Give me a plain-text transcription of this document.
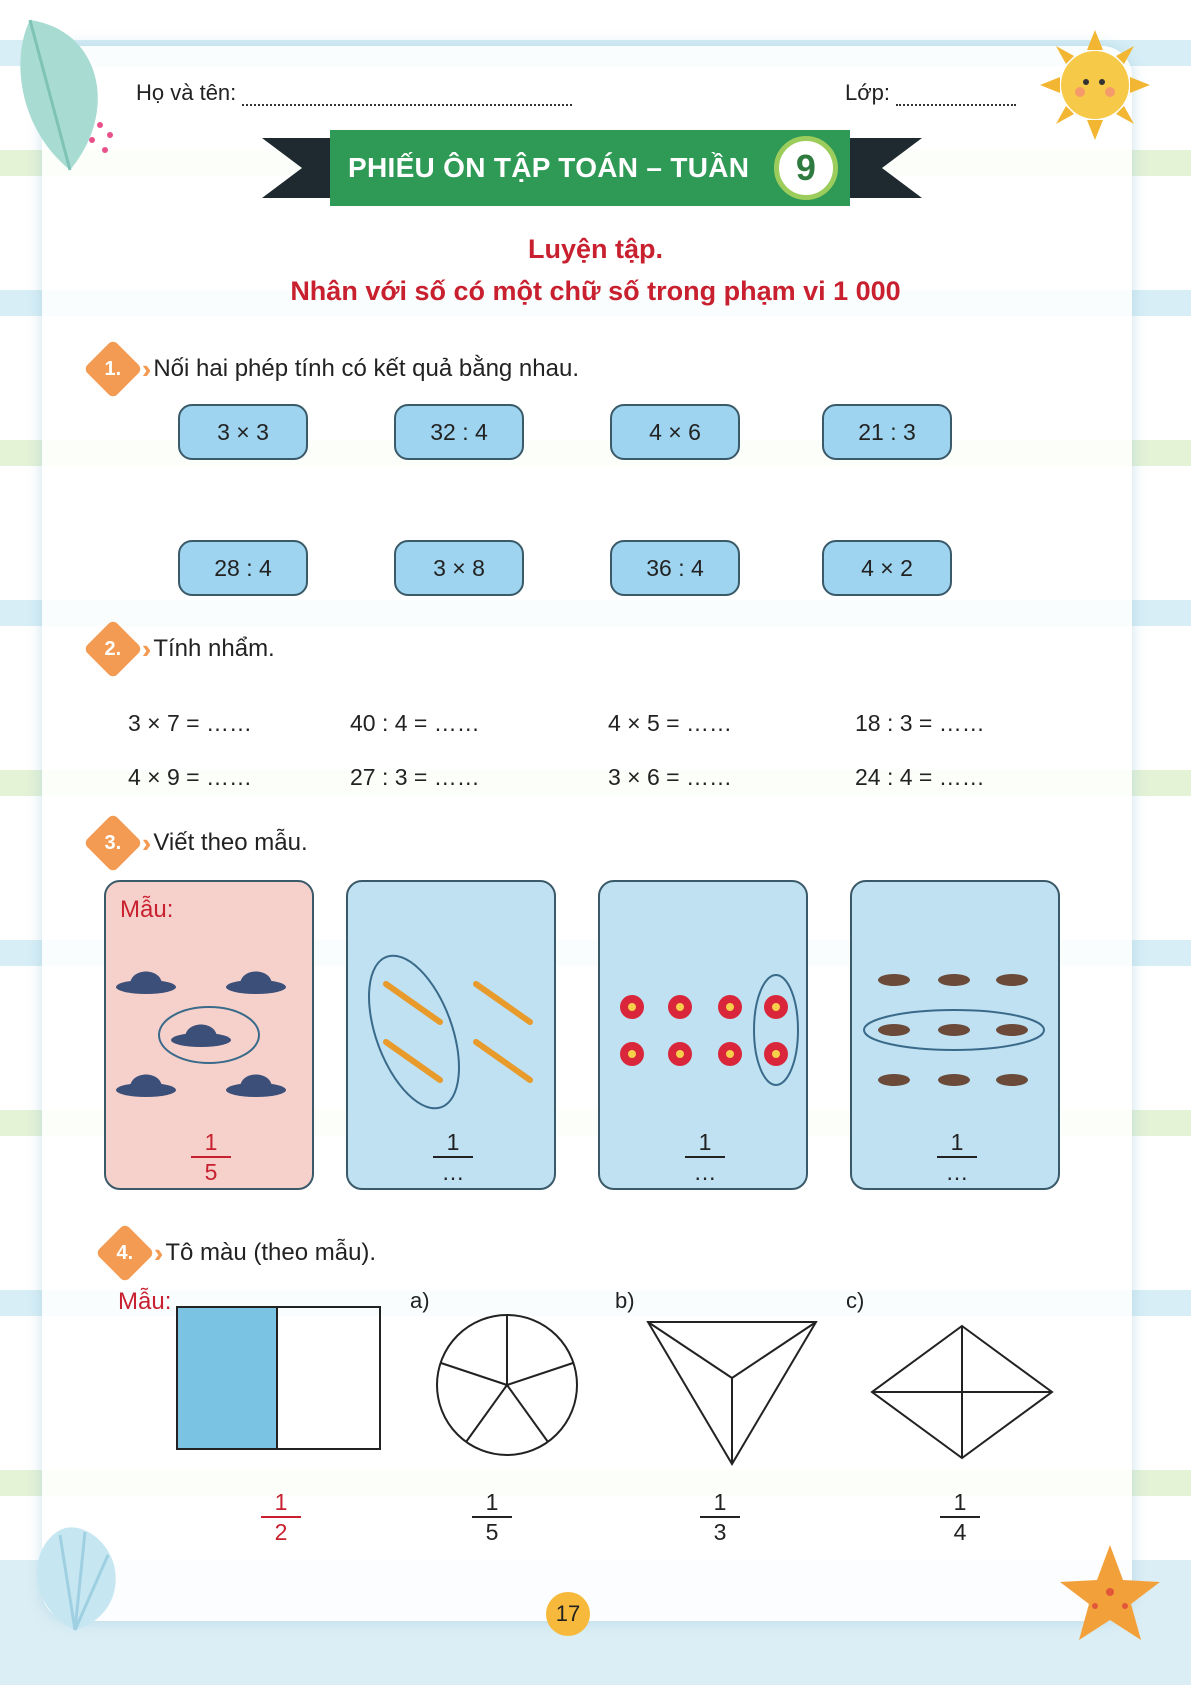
Họ và tên:	Lớp:
PHIẾU ÔN TẬP TOÁN – TUẦN 9
Luyện tập.
Nhân với số có một chữ số trong phạm vi 1 000
1. ›› Nối hai phép tính có kết quả bằng nhau.
3 × 3	32 : 4	4 × 6	21 : 3
28 : 4	3 × 8	36 : 4	4 × 2
2. ›› Tính nhẩm.
3 × 7 = ……	40 : 4 = ……	4 × 5 = ……	18 : 3 = ……
4 × 9 = ……	27 : 3 = ……	3 × 6 = ……	24 : 4 = ……
3. ›› Viết theo mẫu.
Mẫu:
$\frac{1}{5}$	1
…
1
…
1
…
4. ›› Tô màu (theo mẫu).
Mẫu:
$\frac{1}{2}$
a)
$\frac{1}{5}$
b)
$\frac{1}{3}$
c)
$\frac{1}{4}$
17
